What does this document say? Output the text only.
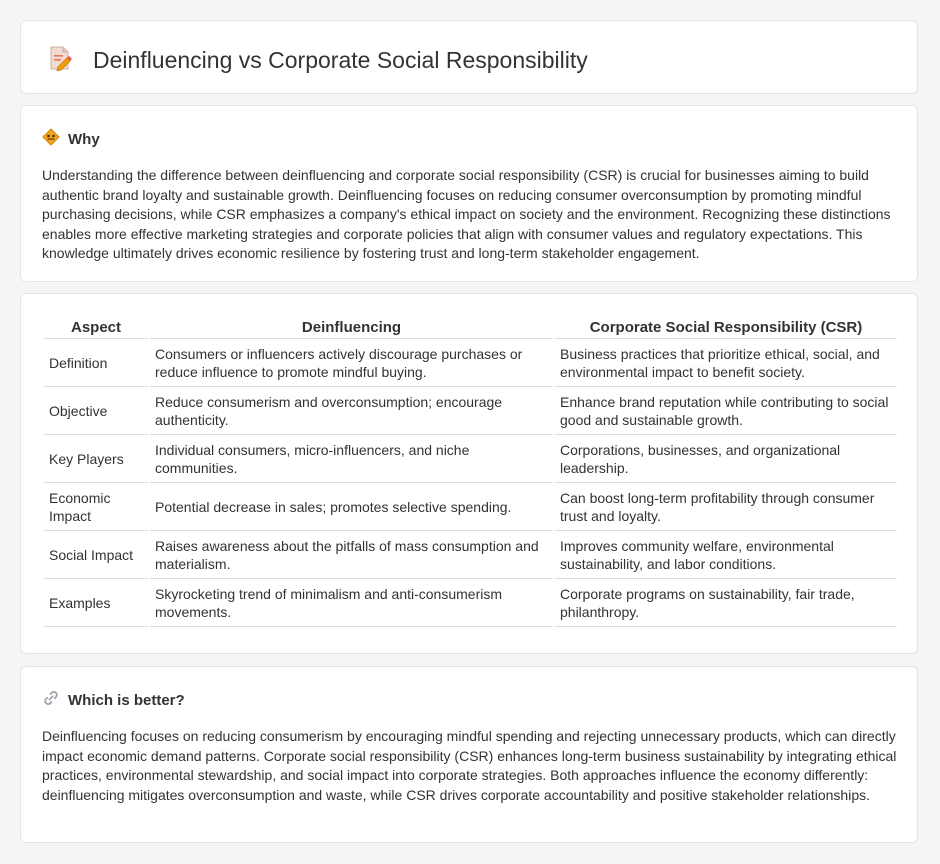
Deinfluencing vs Corporate Social Responsibility
Why

Understanding the difference between deinfluencing and corporate social responsibility (CSR) is crucial for businesses aiming to build authentic brand loyalty and sustainable growth. Deinfluencing focuses on reducing consumer overconsumption by promoting mindful purchasing decisions, while CSR emphasizes a company's ethical impact on society and the environment. Recognizing these distinctions enables more effective marketing strategies and corporate policies that align with consumer values and regulatory expectations. This knowledge ultimately drives economic resilience by fostering trust and long-term stakeholder engagement.

Aspect	Deinfluencing	Corporate Social Responsibility (CSR)
Definition	Consumers or influencers actively discourage purchases or reduce influence to promote mindful buying.	Business practices that prioritize ethical, social, and environmental impact to benefit society.
Objective	Reduce consumerism and overconsumption; encourage authenticity.	Enhance brand reputation while contributing to social good and sustainable growth.
Key Players	Individual consumers, micro-influencers, and niche communities.	Corporations, businesses, and organizational leadership.
Economic Impact	Potential decrease in sales; promotes selective spending.	Can boost long-term profitability through consumer trust and loyalty.
Social Impact	Raises awareness about the pitfalls of mass consumption and materialism.	Improves community welfare, environmental sustainability, and labor conditions.
Examples	Skyrocketing trend of minimalism and anti-consumerism movements.	Corporate programs on sustainability, fair trade, philanthropy.
Which is better?

Deinfluencing focuses on reducing consumerism by encouraging mindful spending and rejecting unnecessary products, which can directly impact economic demand patterns. Corporate social responsibility (CSR) enhances long-term business sustainability by integrating ethical practices, environmental stewardship, and social impact into corporate strategies. Both approaches influence the economy differently: deinfluencing mitigates overconsumption and waste, while CSR drives corporate accountability and positive stakeholder relationships.
